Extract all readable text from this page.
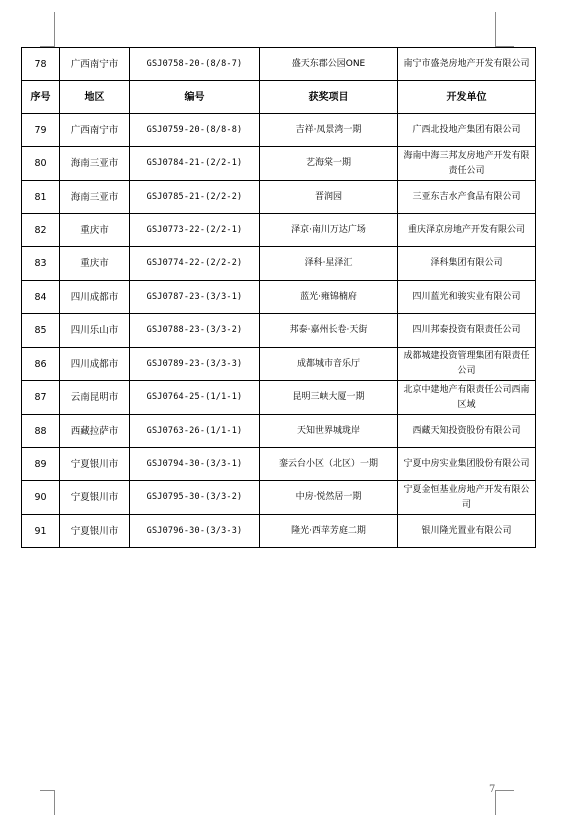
78	广西南宁市	GSJ0758-20-(8/8-7)	盛天东郡公园ONE	南宁市盛尧房地产开发有限公司
序号	地区	编号	获奖项目	开发单位
79	广西南宁市	GSJ0759-20-(8/8-8)	吉祥·凤景湾一期	广西北投地产集团有限公司
80	海南三亚市	GSJ0784-21-(2/2-1)	艺海棠一期	海南中海三邦友房地产开发有限责任公司
81	海南三亚市	GSJ0785-21-(2/2-2)	晋润园	三亚东吉水产食品有限公司
82	重庆市	GSJ0773-22-(2/2-1)	泽京·南川万达广场	重庆泽京房地产开发有限公司
83	重庆市	GSJ0774-22-(2/2-2)	泽科·星泽汇	泽科集团有限公司
84	四川成都市	GSJ0787-23-(3/3-1)	蓝光·雍锦楠府	四川蓝光和骏实业有限公司
85	四川乐山市	GSJ0788-23-(3/3-2)	邦泰·嘉州长卷·天街	四川邦泰投资有限责任公司
86	四川成都市	GSJ0789-23-(3/3-3)	成都城市音乐厅	成都城建投资管理集团有限责任公司
87	云南昆明市	GSJ0764-25-(1/1-1)	昆明三峡大厦一期	北京中建地产有限责任公司西南区域
88	西藏拉萨市	GSJ0763-26-(1/1-1)	天知世界城珑岸	西藏天知投资股份有限公司
89	宁夏银川市	GSJ0794-30-(3/3-1)	銮云台小区（北区）一期	宁夏中房实业集团股份有限公司
90	宁夏银川市	GSJ0795-30-(3/3-2)	中房·悦然居一期	宁夏金恒基业房地产开发有限公司
91	宁夏银川市	GSJ0796-30-(3/3-3)	隆光·西苹芳庭二期	银川隆光置业有限公司
7
